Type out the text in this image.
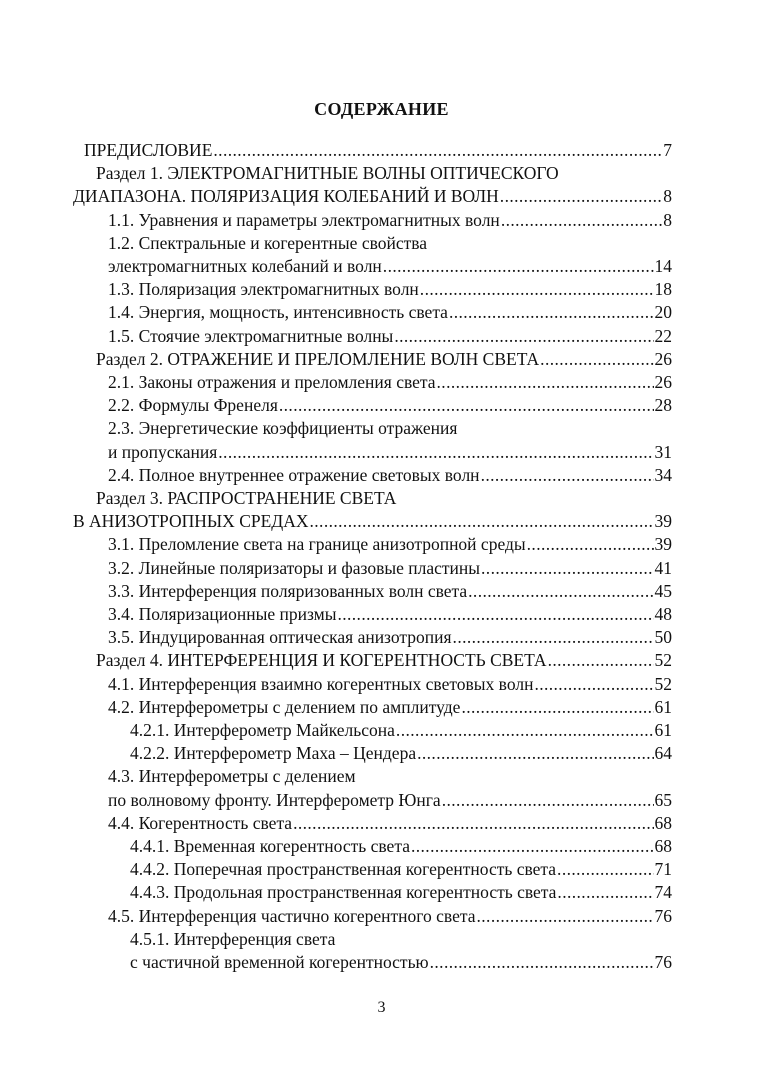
СОДЕРЖАНИЕ
ПРЕДИСЛОВИЕ .....	7
Раздел 1. ЭЛЕКТРОМАГНИТНЫЕ ВОЛНЫ ОПТИЧЕСКОГО
ДИАПАЗОНА. ПОЛЯРИЗАЦИЯ КОЛЕБАНИЙ И ВОЛН .....	8
1.1. Уравнения и параметры электромагнитных волн .....	8
1.2. Спектральные и когерентные свойства
электромагнитных колебаний и волн .....	14
1.3. Поляризация электромагнитных волн .....	18
1.4. Энергия, мощность, интенсивность света .....	20
1.5. Стоячие электромагнитные волны .....	22
Раздел 2. ОТРАЖЕНИЕ И ПРЕЛОМЛЕНИЕ ВОЛН СВЕТА .....	26
2.1. Законы отражения и преломления света .....	26
2.2. Формулы Френеля .....	28
2.3. Энергетические коэффициенты отражения
и пропускания .....	31
2.4. Полное внутреннее отражение световых волн .....	34
Раздел 3. РАСПРОСТРАНЕНИЕ СВЕТА
В АНИЗОТРОПНЫХ СРЕДАХ .....	39
3.1. Преломление света на границе анизотропной среды .....	39
3.2. Линейные поляризаторы и фазовые пластины .....	41
3.3. Интерференция поляризованных волн света .....	45
3.4. Поляризационные призмы .....	48
3.5. Индуцированная оптическая анизотропия .....	50
Раздел 4. ИНТЕРФЕРЕНЦИЯ И КОГЕРЕНТНОСТЬ СВЕТА .....	52
4.1. Интерференция взаимно когерентных световых волн .....	52
4.2. Интерферометры с делением по амплитуде .....	61
4.2.1. Интерферометр Майкельсона .....	61
4.2.2. Интерферометр Маха – Цендера .....	64
4.3. Интерферометры с делением
по волновому фронту. Интерферометр Юнга .....	65
4.4. Когерентность света .....	68
4.4.1. Временная когерентность света .....	68
4.4.2. Поперечная пространственная когерентность света .....	71
4.4.3. Продольная пространственная когерентность света .....	74
4.5. Интерференция частично когерентного света .....	76
4.5.1. Интерференция света
с частичной временной когерентностью .....	76
3
